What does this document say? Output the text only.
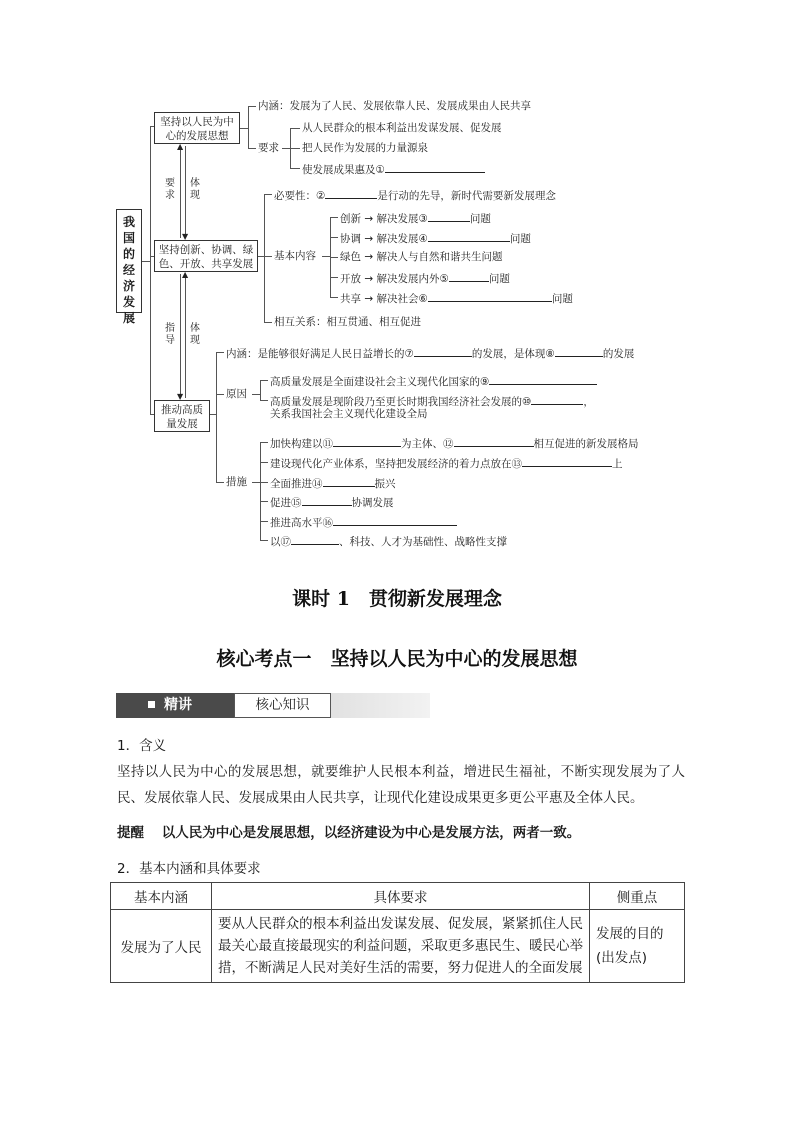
我国的经济发展
坚持以人民为中心的发展思想
坚持创新、协调、绿色、开放、共享发展
推动高质量发展
▲
▼
要求
体现
▲
▼
指导
体现
内涵：发展为了人民、发展依靠人民、发展成果由人民共享
要求
从人民群众的根本利益出发谋发展、促发展
把人民作为发展的力量源泉
使发展成果惠及①
必要性：②	是行动的先导，新时代需要新发展理念
基本内容
创新 → 解决发展③	问题
协调 → 解决发展④	问题
绿色 → 解决人与自然和谐共生问题
开放 → 解决发展内外⑤	问题
共享 → 解决社会⑥	问题
相互关系：相互贯通、相互促进
内涵：是能够很好满足人民日益增长的⑦	的发展，是体现⑧	的发展
原因
高质量发展是全面建设社会主义现代化国家的⑨
高质量发展是现阶段乃至更长时期我国经济社会发展的⑩	，
关系我国社会主义现代化建设全局
措施
加快构建以⑪	为主体、⑫	相互促进的新发展格局
建设现代化产业体系，坚持把发展经济的着力点放在⑬	上
全面推进⑭	振兴
促进⑮	协调发展
推进高水平⑯
以⑰	、科技、人才为基础性、战略性支撑
课时 1　贯彻新发展理念
核心考点一　坚持以人民为中心的发展思想
精讲	核心知识
1．含义
坚持以人民为中心的发展思想，就要维护人民根本利益，增进民生福祉，不断实现发展为了人民、发展依靠人民、发展成果由人民共享，让现代化建设成果更多更公平惠及全体人民。
提醒　 以人民为中心是发展思想，以经济建设为中心是发展方法，两者一致。
2．基本内涵和具体要求
基本内涵	具体要求	侧重点
发展为了人民	要从人民群众的根本利益出发谋发展、促发展，紧紧抓住人民最关心最直接最现实的利益问题，采取更多惠民生、暖民心举措，不断满足人民对美好生活的需要，努力促进人的全面发展	发展的目的(出发点)
